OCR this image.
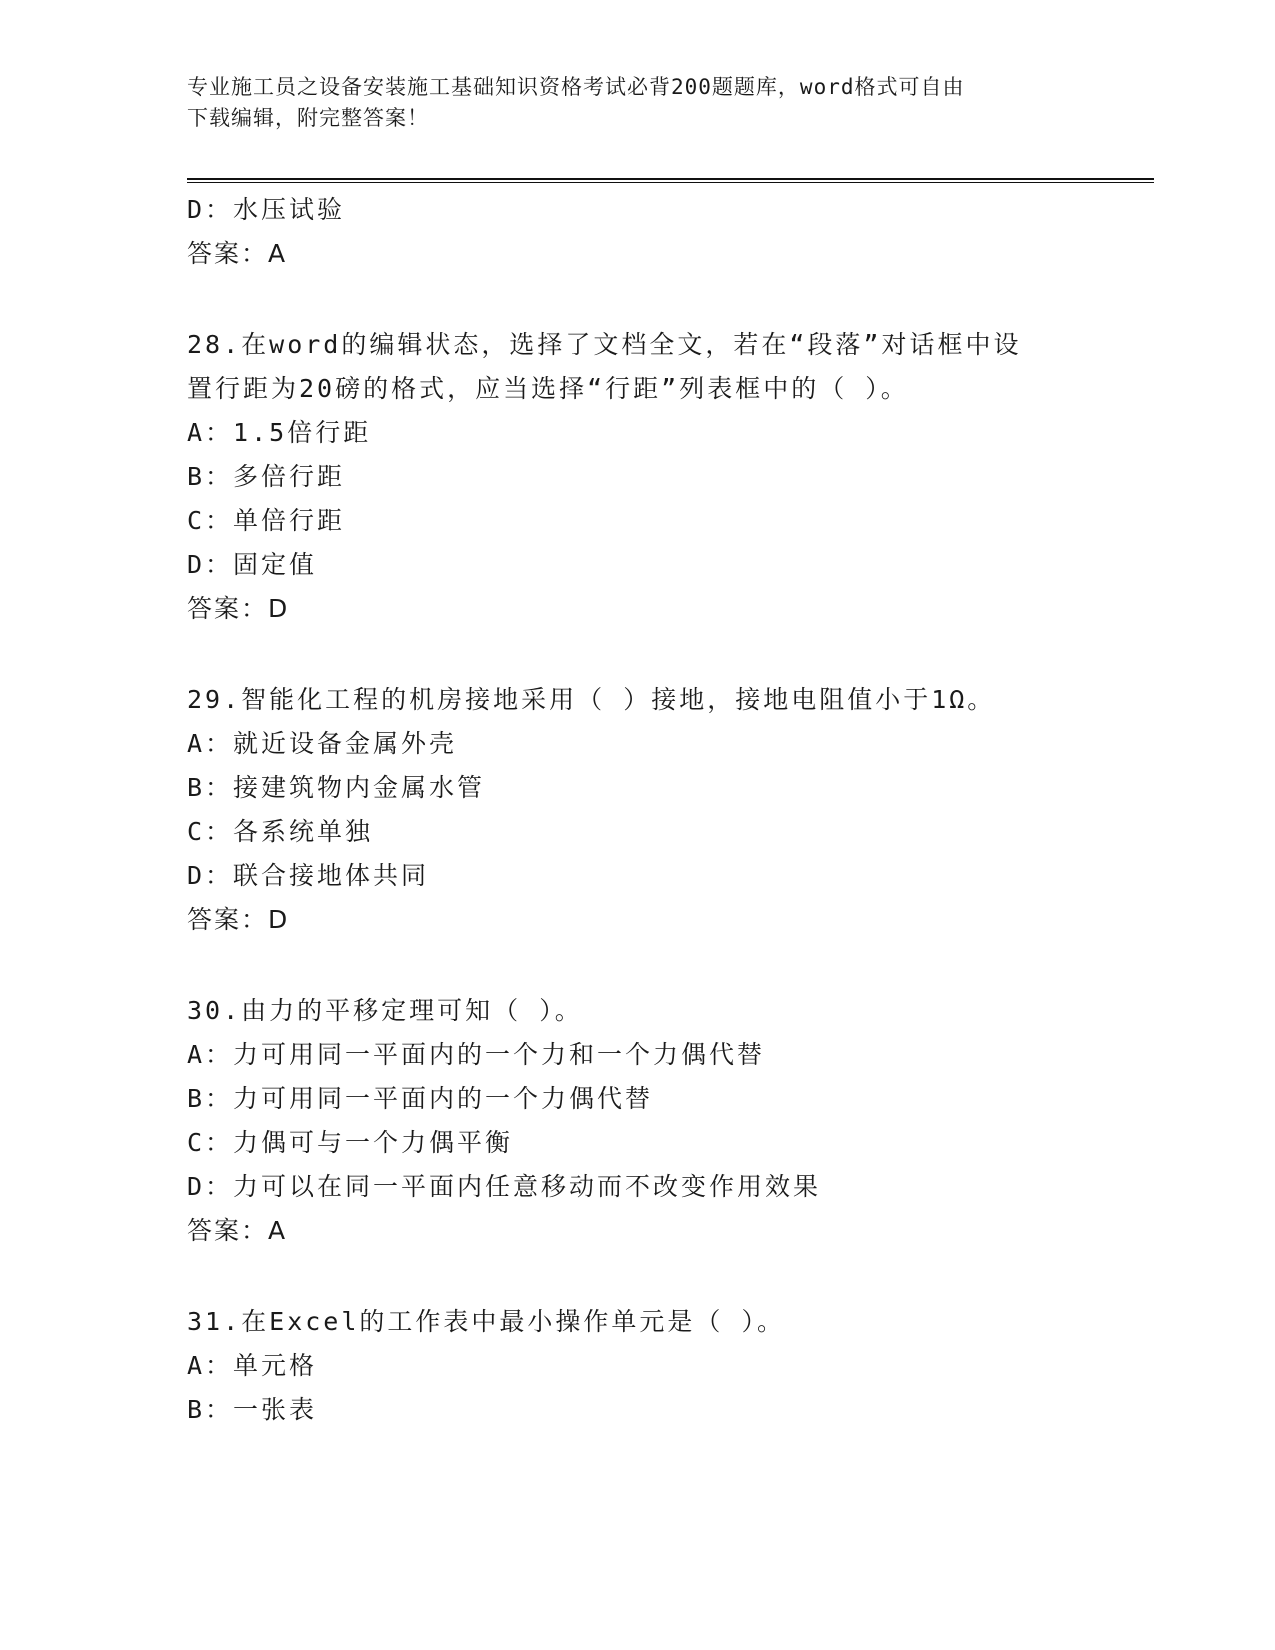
专业施工员之设备安装施工基础知识资格考试必背200题题库，word格式可自由
下载编辑，附完整答案！
D：水压试验
答案：A
28.在word的编辑状态，选择了文档全文，若在“段落”对话框中设
置行距为20磅的格式，应当选择“行距”列表框中的（ ）。
A：1.5倍行距
B：多倍行距
C：单倍行距
D：固定值
答案：D
29.智能化工程的机房接地采用（ ）接地，接地电阻值小于1Ω。
A：就近设备金属外壳
B：接建筑物内金属水管
C：各系统单独
D：联合接地体共同
答案：D
30.由力的平移定理可知（ ）。
A：力可用同一平面内的一个力和一个力偶代替
B：力可用同一平面内的一个力偶代替
C：力偶可与一个力偶平衡
D：力可以在同一平面内任意移动而不改变作用效果
答案：A
31.在Excel的工作表中最小操作单元是（ ）。
A：单元格
B：一张表
